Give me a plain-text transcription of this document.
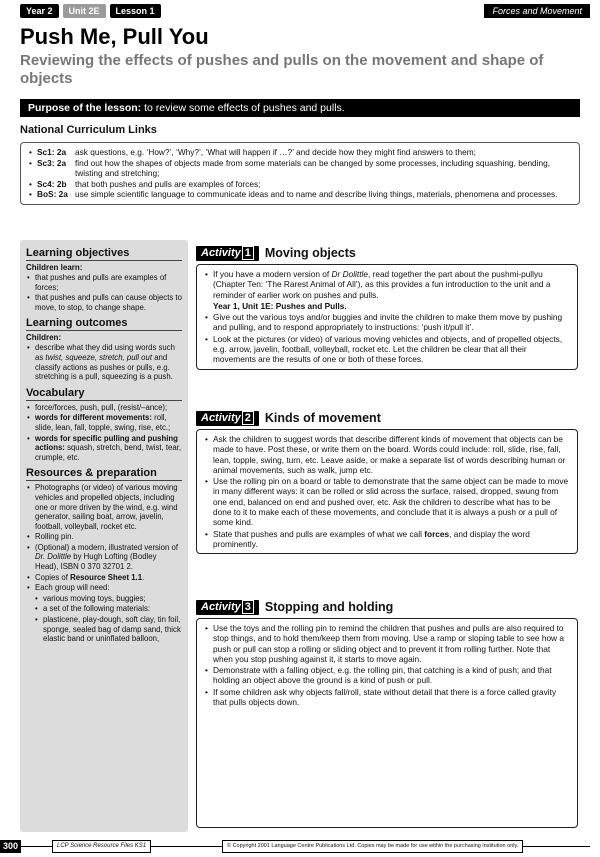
Year 2	Unit 2E	Lesson 1	Forces and Movement
Push Me, Pull You
Reviewing the effects of pushes and pulls on the movement and shape of objects
Purpose of the lesson: to review some effects of pushes and pulls.
National Curriculum Links
• Sc1: 2a	ask questions, e.g. ‘How?’, ‘Why?’, ‘What will happen if …?’ and decide how they might find answers to them;
• Sc3: 2a	find out how the shapes of objects made from some materials can be changed by some processes, including squashing, bending, twisting and stretching;
• Sc4: 2b	that both pushes and pulls are examples of forces;
• BoS: 2a use simple scientific language to communicate ideas and to name and describe living things, materials, phenomena and processes.
Learning objectives
Children learn:
• that pushes and pulls are examples of forces;
• that pushes and pulls can cause objects to move, to stop, to change shape.
Learning outcomes
Children:
• describe what they did using words such as twist, squeeze, stretch, pull out and classify actions as pushes or pulls, e.g. stretching is a pull, squeezing is a push.
Vocabulary
• force/forces, push, pull, (resist/–ance);
• words for different movements: roll, slide, lean, fall, topple, swing, rise, etc.;
• words for specific pulling and pushing actions: squash, stretch, bend, twist, tear, crumple, etc.
Resources & preparation
• Photographs (or video) of various moving vehicles and propelled objects, including one or more driven by the wind, e.g. wind generator, sailing boat, arrow, javelin, football, volleyball, rocket etc.
• Rolling pin.
• (Optional) a modern, illustrated version of Dr. Dolittle by Hugh Lofting (Bodley Head), ISBN 0 370 32701 2.
• Copies of Resource Sheet 1.1.
• Each group will need:
• various moving toys, buggies;
• a set of the following materials:
• plasticene, play-dough, soft clay, tin foil, sponge, sealed bag of damp sand, thick elastic band or uninflated balloon,
Activity 1	Moving objects
• If you have a modern version of Dr Dolittle, read together the part about the pushmi-pullyu (Chapter Ten: ‘The Rarest Animal of All’), as this provides a fun introduction to the unit and a reminder of earlier work on pushes and pulls.
Year 1, Unit 1E: Pushes and Pulls.
• Give out the various toys and/or buggies and invite the children to make them move by pushing and pulling, and to respond appropriately to instructions: ‘push it/pull it’.
• Look at the pictures (or video) of various moving vehicles and objects, and of propelled objects, e.g. arrow, javelin, football, volleyball, rocket etc. Let the children be clear that all their movements are the results of one or both of these forces.
Activity 2	Kinds of movement
• Ask the children to suggest words that describe different kinds of movement that objects can be made to have. Post these, or write them on the board. Words could include: roll, slide, rise, fall, lean, topple, swing, turn, etc. Leave aside, or make a separate list of words describing human or animal movements, such as walk, jump etc.
• Use the rolling pin on a board or table to demonstrate that the same object can be made to move in many different ways: it can be rolled or slid across the surface, raised, dropped, swung from one end, balanced on end and pushed over, etc. Ask the children to describe what has to be done to it to make each of these movements, and conclude that it is always a push or a pull of some kind.
• State that pushes and pulls are examples of what we call forces, and display the word prominently.
Activity 3	Stopping and holding
• Use the toys and the rolling pin to remind the children that pushes and pulls are also required to stop things, and to hold them/keep them from moving. Use a ramp or sloping table to see how a push or pull can stop a rolling or sliding object and to prevent it from rolling further. Note that when you stop pushing against it, it starts to move again.
• Demonstrate with a falling object, e.g. the rolling pin, that catching is a kind of push; and that holding an object above the ground is a kind of push or pull.
• If some children ask why objects fall/roll, state without detail that there is a force called gravity that pulls objects down.
300	LCP Science Resource Files KS1	© Copyright 2001 Language Centre Publications Ltd. Copies may be made for use within the purchasing institution only.
